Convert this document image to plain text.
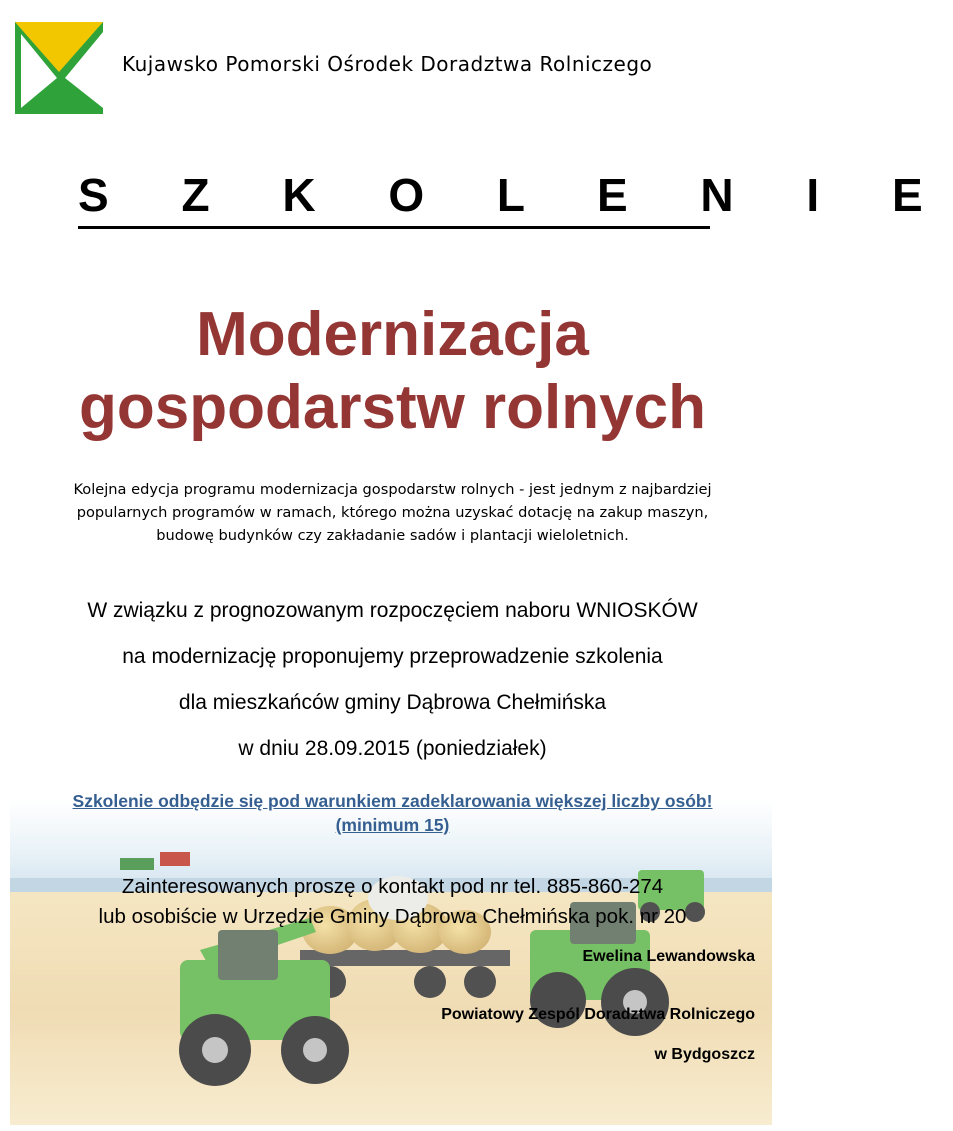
Kujawsko Pomorski Ośrodek Doradztwa Rolniczego
S Z K O L E N I E
Modernizacja
gospodarstw rolnych
Kolejna edycja programu modernizacja gospodarstw rolnych - jest jednym z najbardziej
popularnych programów w ramach, którego można uzyskać dotację na zakup maszyn,
budowę budynków czy zakładanie sadów i plantacji wieloletnich.
W związku z prognozowanym rozpoczęciem naboru WNIOSKÓW
na modernizację proponujemy przeprowadzenie szkolenia
dla mieszkańców gminy Dąbrowa Chełmińska
w dniu 28.09.2015 (poniedziałek)
Szkolenie odbędzie się pod warunkiem zadeklarowania większej liczby osób!
(minimum 15)
Zainteresowanych proszę o kontakt pod nr tel. 885-860-274
lub osobiście w Urzędzie Gminy Dąbrowa Chełmińska pok. nr 20
Ewelina Lewandowska
Powiatowy Zespól Doradztwa Rolniczego
w Bydgoszcz
